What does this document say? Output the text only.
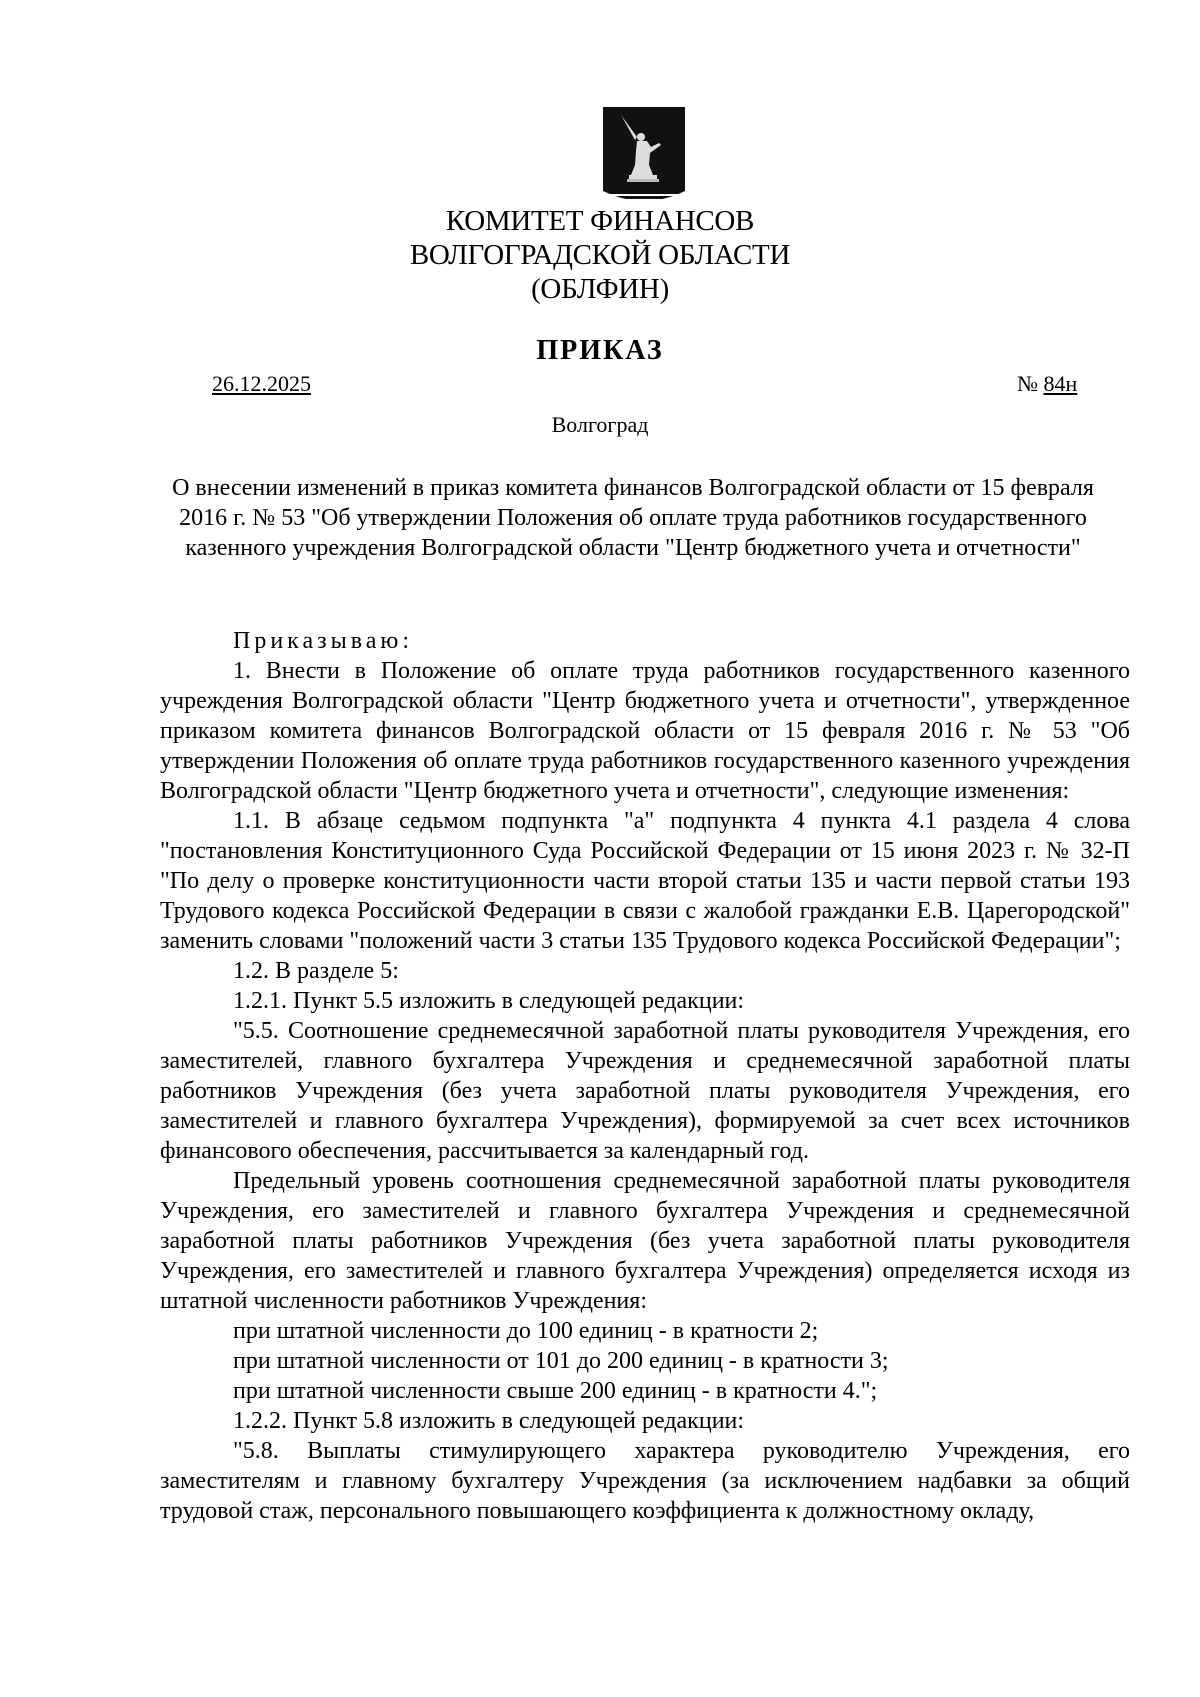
КОМИТЕТ ФИНАНСОВ
ВОЛГОГРАДСКОЙ ОБЛАСТИ
(ОБЛФИН)
ПРИКАЗ
26.12.2025	№ 84н
Волгоград
О внесении изменений в приказ комитета финансов Волгоградской области от 15 февраля 2016 г. № 53 "Об утверждении Положения об оплате труда работников государственного казенного учреждения Волгоградской области "Центр бюджетного учета и отчетности"

Приказываю:

1. Внести в Положение об оплате труда работников государственного казенного учреждения Волгоградской области "Центр бюджетного учета и отчетности", утвержденное приказом комитета финансов Волгоградской области от 15 февраля 2016 г. № 53 "Об утверждении Положения об оплате труда работников государственного казенного учреждения Волгоградской области "Центр бюджетного учета и отчетности", следующие изменения:

1.1. В абзаце седьмом подпункта "а" подпункта 4 пункта 4.1 раздела 4 слова "постановления Конституционного Суда Российской Федерации от 15 июня 2023 г. № 32-П "По делу о проверке конституционности части второй статьи 135 и части первой статьи 193 Трудового кодекса Российской Федерации в связи с жалобой гражданки Е.В. Царегородской" заменить словами "положений части 3 статьи 135 Трудового кодекса Российской Федерации";

1.2. В разделе 5:

1.2.1. Пункт 5.5 изложить в следующей редакции:

"5.5. Соотношение среднемесячной заработной платы руководителя Учреждения, его заместителей, главного бухгалтера Учреждения и среднемесячной заработной платы работников Учреждения (без учета заработной платы руководителя Учреждения, его заместителей и главного бухгалтера Учреждения), формируемой за счет всех источников финансового обеспечения, рассчитывается за календарный год.

Предельный уровень соотношения среднемесячной заработной платы руководителя Учреждения, его заместителей и главного бухгалтера Учреждения и среднемесячной заработной платы работников Учреждения (без учета заработной платы руководителя Учреждения, его заместителей и главного бухгалтера Учреждения) определяется исходя из штатной численности работников Учреждения:

при штатной численности до 100 единиц - в кратности 2;

при штатной численности от 101 до 200 единиц - в кратности 3;

при штатной численности свыше 200 единиц - в кратности 4.";

1.2.2. Пункт 5.8 изложить в следующей редакции:

"5.8. Выплаты стимулирующего характера руководителю Учреждения, его заместителям и главному бухгалтеру Учреждения (за исключением надбавки за общий трудовой стаж, персонального повышающего коэффициента к должностному окладу,
